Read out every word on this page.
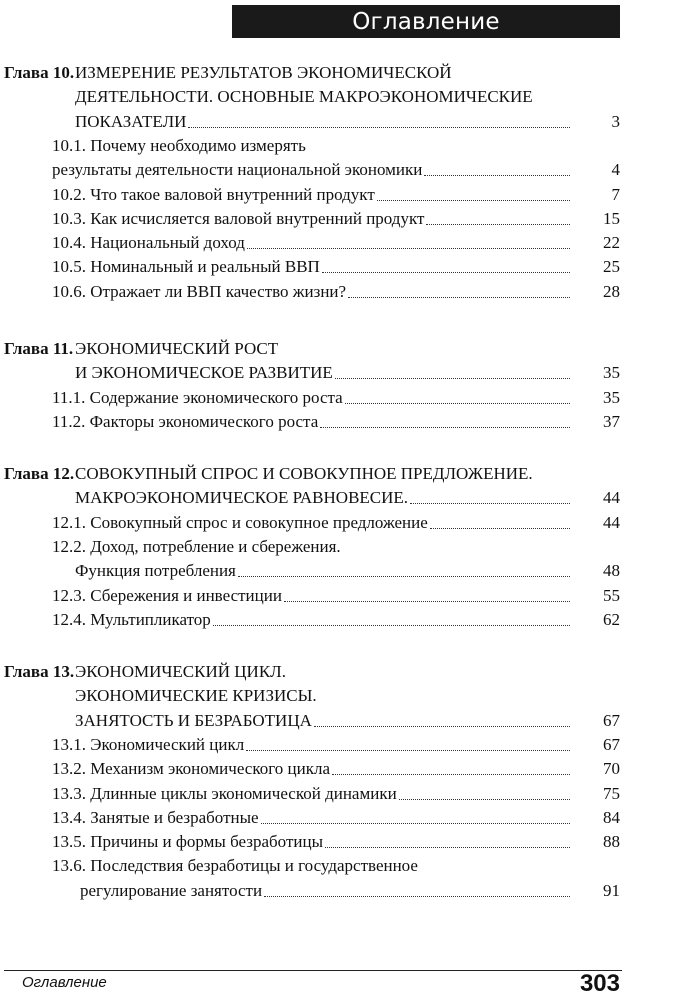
Оглавление
Глава 10. ИЗМЕРЕНИЕ РЕЗУЛЬТАТОВ ЭКОНОМИЧЕСКОЙ
ДЕЯТЕЛЬНОСТИ. ОСНОВНЫЕ МАКРОЭКОНОМИЧЕСКИЕ
ПОКАЗАТЕЛИ	3
10.1. Почему необходимо измерять
результаты деятельности национальной экономики	4
10.2. Что такое валовой внутренний продукт	7
10.3. Как исчисляется валовой внутренний продукт	15
10.4. Национальный доход	22
10.5. Номинальный и реальный ВВП	25
10.6. Отражает ли ВВП качество жизни?	28
Глава 11. ЭКОНОМИЧЕСКИЙ РОСТ
И ЭКОНОМИЧЕСКОЕ РАЗВИТИЕ	35
11.1. Содержание экономического роста	35
11.2. Факторы экономического роста	37
Глава 12. СОВОКУПНЫЙ СПРОС И СОВОКУПНОЕ ПРЕДЛОЖЕНИЕ.
МАКРОЭКОНОМИЧЕСКОЕ РАВНОВЕСИЕ.	44
12.1. Совокупный спрос и совокупное предложение	44
12.2. Доход, потребление и сбережения.
Функция потребления	48
12.3. Сбережения и инвестиции	55
12.4. Мультипликатор	62
Глава 13. ЭКОНОМИЧЕСКИЙ ЦИКЛ.
ЭКОНОМИЧЕСКИЕ КРИЗИСЫ.
ЗАНЯТОСТЬ И БЕЗРАБОТИЦА	67
13.1. Экономический цикл	67
13.2. Механизм экономического цикла	70
13.3. Длинные циклы экономической динамики	75
13.4. Занятые и безработные	84
13.5. Причины и формы безработицы	88
13.6. Последствия безработицы и государственное
регулирование занятости	91
Оглавление	303
